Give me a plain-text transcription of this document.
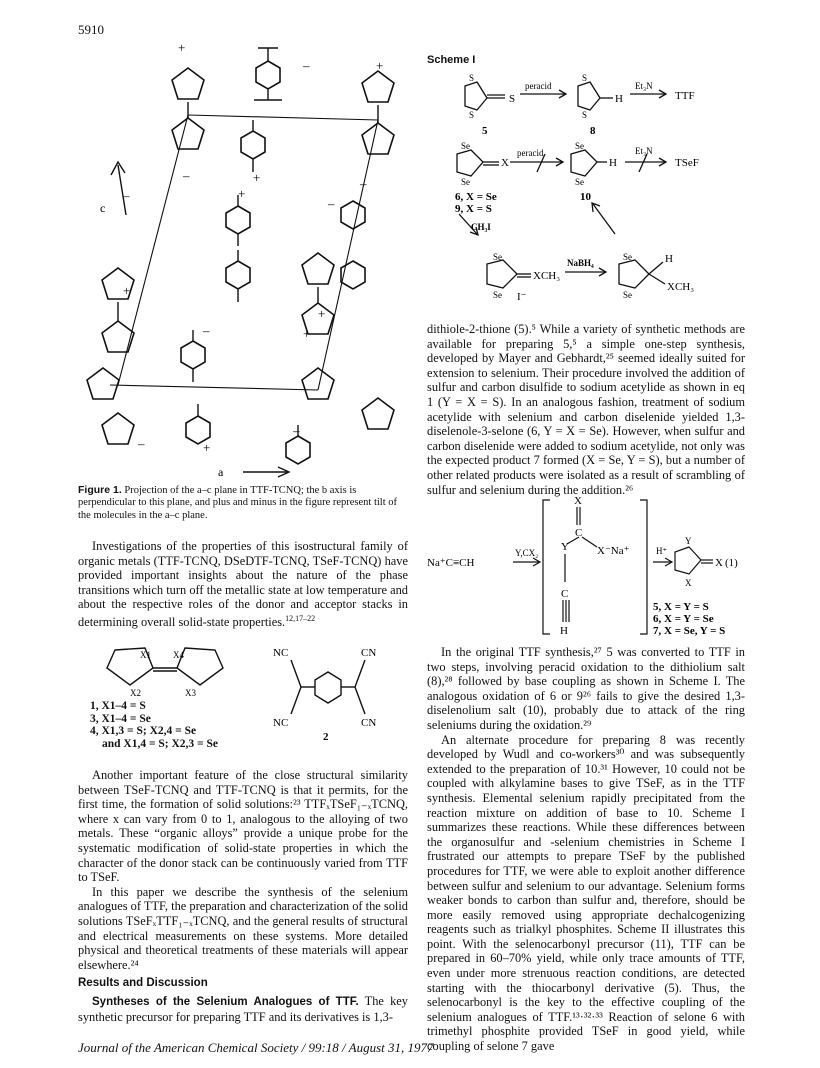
5910
+
–	+
–	+	–
–	+
–
+
–	+
+
–	+
–
c
a
Figure 1. Projection of the a–c plane in TTF-TCNQ; the b axis is perpendicular to this plane, and plus and minus in the figure represent tilt of the molecules in the a–c plane.

Investigations of the properties of this isostructural family of organic metals (TTF-TCNQ, DSeDTF-TCNQ, TSeF-TCNQ) have provided important insights about the nature of the phase transitions which turn off the metallic state at low temperature and about the respective roles of the donor and acceptor stacks in determining overall solid-state properties.$^{12,17-22}$

X1 X4
X2	X3
NC	CN
NC	CN
2
1, X1–4 = S
3, X1–4 = Se
4, X1,3 = S; X2,4 = Se
and X1,4 = S; X2,3 = Se

Another important feature of the close structural similarity between TSeF-TCNQ and TTF-TCNQ is that it permits, for the first time, the formation of solid solutions:²³ TTFₓTSeF₁₋ₓTCNQ, where x can vary from 0 to 1, analogous to the alloying of two metals. These “organic alloys” provide a unique probe for the systematic modification of solid-state properties in which the character of the donor stack can be continuously varied from TTF to TSeF.

In this paper we describe the synthesis of the selenium analogues of TTF, the preparation and characterization of the solid solutions TSeFₓTTF₁₋ₓTCNQ, and the general results of structural and electrical measurements on these systems. More detailed physical and theoretical treatments of these materials will appear elsewhere.²⁴

Results and Discussion

Syntheses of the Selenium Analogues of TTF. The key synthetic precursor for preparing TTF and its derivatives is 1,3-

Scheme I
S
S
S
peracid
S
S
H
Et₃N
TTF
5	8
Se
Se
X
peracid
Se
Se
H
Et₃N
TSeF
6, X = Se
9, X = S
10
CH₃I
Se
Se
XCH₃
NaBH₄
I⁻
Se
Se
H
XCH₃

dithiole-2-thione (5).⁵ While a variety of synthetic methods are available for preparing 5,⁵ a simple one-step synthesis, developed by Mayer and Gebhardt,²⁵ seemed ideally suited for extension to selenium. Their procedure involved the addition of sulfur and carbon disulfide to sodium acetylide as shown in eq 1 (Y = X = S). In an analogous fashion, treatment of sodium acetylide with selenium and carbon diselenide yielded 1,3-diselenole-3-selone (6, Y = X = Se). However, when sulfur and carbon diselenide were added to sodium acetylide, not only was the expected product 7 formed (X = Se, Y = S), but a number of other related products were isolated as a result of scrambling of sulfur and selenium during the addition.²⁶

Na⁺C≡CH
Y,CX₂
X
C
Y	X⁻Na⁺
C
H
H⁺
Y
X
X (1)
5, X = Y = S
6, X = Y = Se
7, X = Se, Y = S

In the original TTF synthesis,²⁷ 5 was converted to TTF in two steps, involving peracid oxidation to the dithiolium salt (8),²⁸ followed by base coupling as shown in Scheme I. The analogous oxidation of 6 or 9²⁶ fails to give the desired 1,3-diselenolium salt (10), probably due to attack of the ring seleniums during the oxidation.²⁹

An alternate procedure for preparing 8 was recently developed by Wudl and co-workers³⁰ and was subsequently extended to the preparation of 10.³¹ However, 10 could not be coupled with alkylamine bases to give TSeF, as in the TTF synthesis. Elemental selenium rapidly precipitated from the reaction mixture on addition of base to 10. Scheme I summarizes these reactions. While these differences between the organosulfur and -selenium chemistries in Scheme I frustrated our attempts to prepare TSeF by the published procedures for TTF, we were able to exploit another difference between sulfur and selenium to our advantage. Selenium forms weaker bonds to carbon than sulfur and, therefore, should be more easily removed using appropriate dechalcogenizing reagents such as trialkyl phosphites. Scheme II illustrates this point. With the selenocarbonyl precursor (11), TTF can be prepared in 60–70% yield, while only trace amounts of TTF, even under more strenuous reaction conditions, are detected starting with the thiocarbonyl derivative (5). Thus, the selenocarbonyl is the key to the effective coupling of the selenium analogues of TTF.¹³·³²·³³ Reaction of selone 6 with trimethyl phosphite provided TSeF in good yield, while coupling of selone 7 gave

Journal of the American Chemical Society / 99:18 / August 31, 1977
